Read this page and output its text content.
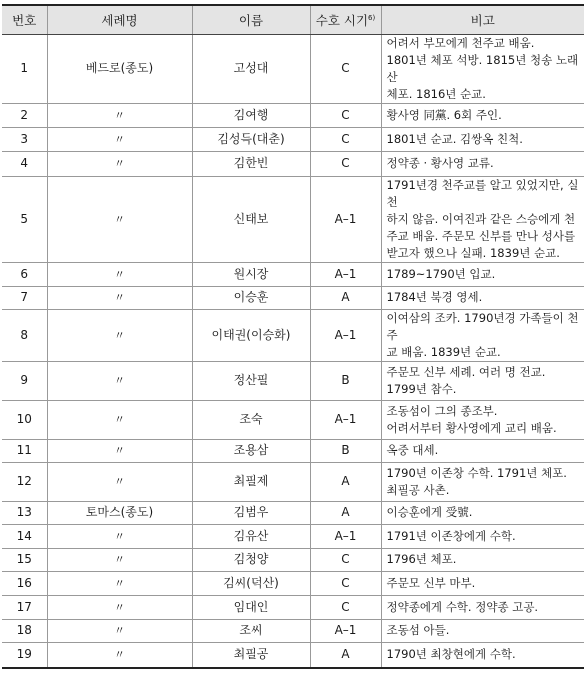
번호	세례명	이름	수호 시기$^{6)}$	비고
1	베드로(종도)	고성대	C	어려서 부모에게 천주교 배움.
1801년 체포 석방. 1815년 청송 노래산
체포. 1816년 순교.

2	〃	김여행	C	황사영 同黨. 6회 주인.

3	〃	김성득(대춘)	C	1801년 순교. 김쌍옥 친척.

4	〃	김한빈	C	정약종 · 황사영 교류.

5	〃	신태보	A–1	1791년경 천주교를 알고 있었지만, 실천
하지 않음. 이여진과 같은 스승에게 천
주교 배움. 주문모 신부를 만나 성사를
받고자 했으나 실패. 1839년 순교.

6	〃	원시장	A–1	1789~1790년 입교.

7	〃	이승훈	A	1784년 북경 영세.

8	〃	이태권(이승화)	A–1	이여삼의 조카. 1790년경 가족들이 천주
교 배움. 1839년 순교.

9	〃	정산필	B	주문모 신부 세례. 여러 명 전교.
1799년 참수.

10	〃	조숙	A–1	조동섬이 그의 종조부.
어려서부터 황사영에게 교리 배움.

11	〃	조용삼	B	옥중 대세.

12	〃	최필제	A	1790년 이존창 수학. 1791년 체포.
최필공 사촌.

13	토마스(종도)	김범우	A	이승훈에게 受號.

14	〃	김유산	A–1	1791년 이존창에게 수학.

15	〃	김청양	C	1796년 체포.

16	〃	김씨(덕산)	C	주문모 신부 마부.

17	〃	임대인	C	정약종에게 수학. 정약종 고공.

18	〃	조씨	A–1	조동섬 아들.

19	〃	최필공	A	1790년 최창현에게 수학.
